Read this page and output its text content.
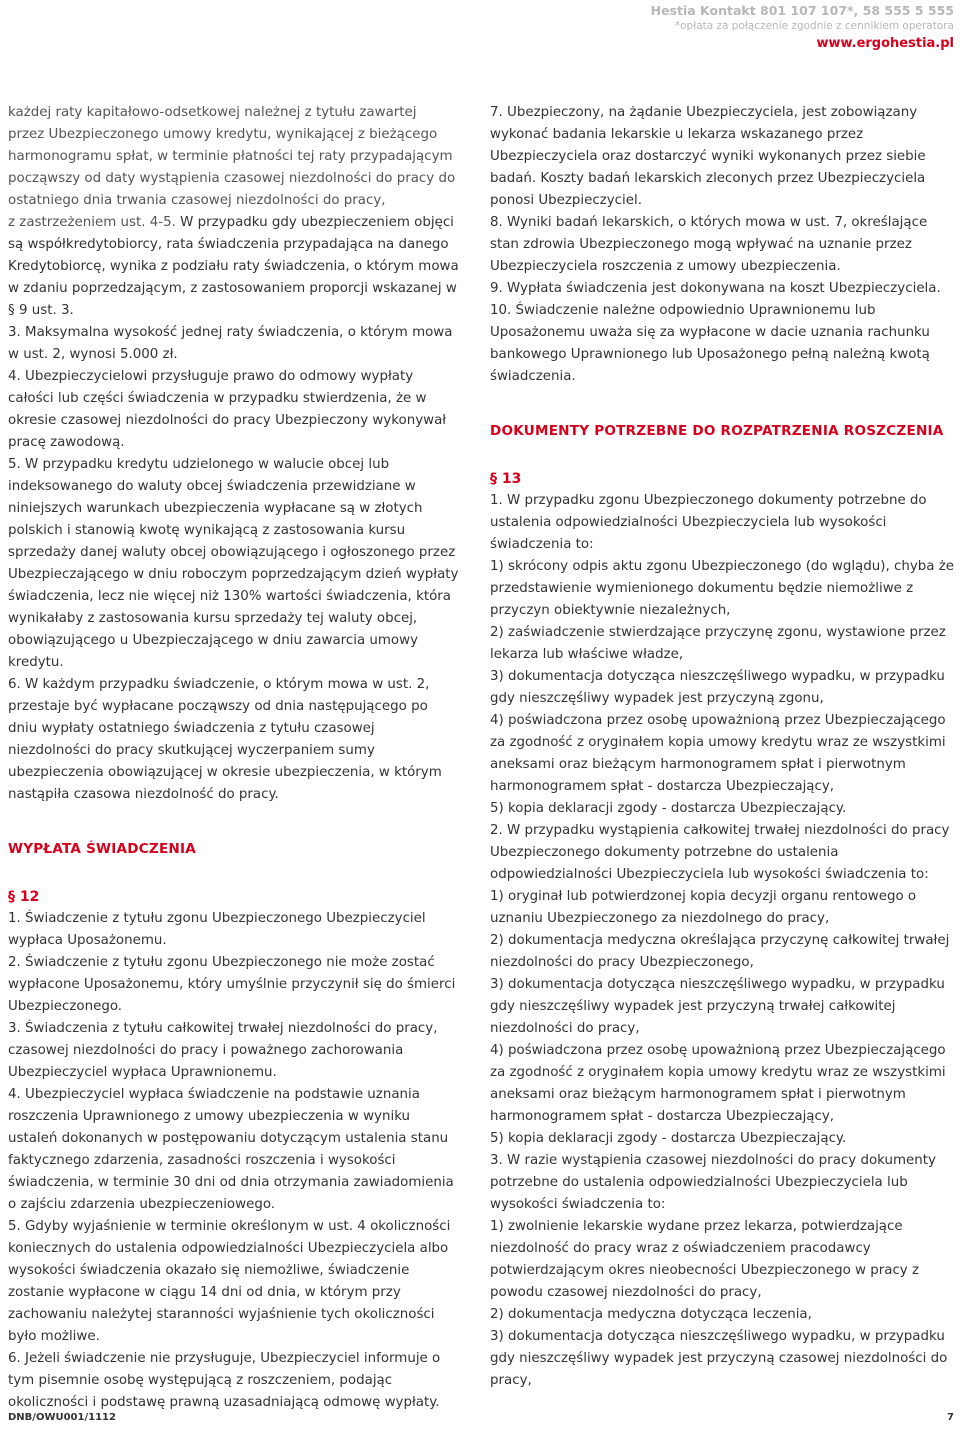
Hestia Kontakt 801 107 107*, 58 555 5 555
*opłata za połączenie zgodnie z cennikiem operatora
www.ergohestia.pl

każdej raty kapitałowo-odsetkowej należnej z tytułu zawartej

przez Ubezpieczonego umowy kredytu, wynikającej z bieżącego

harmonogramu spłat, w terminie płatności tej raty przypadającym

począwszy od daty wystąpienia czasowej niezdolności do pracy do

ostatniego dnia trwania czasowej niezdolności do pracy,

z zastrzeżeniem ust. 4-5. W przypadku gdy ubezpieczeniem objęci

są współkredytobiorcy, rata świadczenia przypadająca na danego Kredytobiorcę, wynika z podziału raty świadczenia, o którym mowa w zdaniu poprzedzającym, z zastosowaniem proporcji wskazanej w § 9 ust. 3.

3. Maksymalna wysokość jednej raty świadczenia, o którym mowa w ust. 2, wynosi 5.000 zł.

4. Ubezpieczycielowi przysługuje prawo do odmowy wypłaty całości lub części świadczenia w przypadku stwierdzenia, że w okresie czasowej niezdolności do pracy Ubezpieczony wykonywał pracę zawodową.

5. W przypadku kredytu udzielonego w walucie obcej lub indeksowanego do waluty obcej świadczenia przewidziane w niniejszych warunkach ubezpieczenia wypłacane są w złotych polskich i stanowią kwotę wynikającą z zastosowania kursu sprzedaży danej waluty obcej obowiązującego i ogłoszonego przez Ubezpieczającego w dniu roboczym poprzedzającym dzień wypłaty świadczenia, lecz nie więcej niż 130% wartości świadczenia, która wynikałaby z zastosowania kursu sprzedaży tej waluty obcej, obowiązującego u Ubezpieczającego w dniu zawarcia umowy kredytu.

6. W każdym przypadku świadczenie, o którym mowa w ust. 2, przestaje być wypłacane począwszy od dnia następującego po dniu wypłaty ostatniego świadczenia z tytułu czasowej niezdolności do pracy skutkującej wyczerpaniem sumy ubezpieczenia obowiązującej w okresie ubezpieczenia, w którym nastąpiła czasowa niezdolność do pracy.

WYPŁATA ŚWIADCZENIA

§ 12

1. Świadczenie z tytułu zgonu Ubezpieczonego Ubezpieczyciel wypłaca Uposażonemu.

2. Świadczenie z tytułu zgonu Ubezpieczonego nie może zostać wypłacone Uposażonemu, który umyślnie przyczynił się do śmierci Ubezpieczonego.

3. Świadczenia z tytułu całkowitej trwałej niezdolności do pracy, czasowej niezdolności do pracy i poważnego zachorowania Ubezpieczyciel wypłaca Uprawnionemu.

4. Ubezpieczyciel wypłaca świadczenie na podstawie uznania roszczenia Uprawnionego z umowy ubezpieczenia w wyniku ustaleń dokonanych w postępowaniu dotyczącym ustalenia stanu faktycznego zdarzenia, zasadności roszczenia i wysokości świadczenia, w terminie 30 dni od dnia otrzymania zawiadomienia o zajściu zdarzenia ubezpieczeniowego.

5. Gdyby wyjaśnienie w terminie określonym w ust. 4 okoliczności koniecznych do ustalenia odpowiedzialności Ubezpieczyciela albo wysokości świadczenia okazało się niemożliwe, świadczenie zostanie wypłacone w ciągu 14 dni od dnia, w którym przy zachowaniu należytej staranności wyjaśnienie tych okoliczności było możliwe.

6. Jeżeli świadczenie nie przysługuje, Ubezpieczyciel informuje o tym pisemnie osobę występującą z roszczeniem, podając okoliczności i podstawę prawną uzasadniającą odmowę wypłaty.

7. Ubezpieczony, na żądanie Ubezpieczyciela, jest zobowiązany wykonać badania lekarskie u lekarza wskazanego przez Ubezpieczyciela oraz dostarczyć wyniki wykonanych przez siebie badań. Koszty badań lekarskich zleconych przez Ubezpieczyciela ponosi Ubezpieczyciel.

8. Wyniki badań lekarskich, o których mowa w ust. 7, określające stan zdrowia Ubezpieczonego mogą wpływać na uznanie przez Ubezpieczyciela roszczenia z umowy ubezpieczenia.

9. Wypłata świadczenia jest dokonywana na koszt Ubezpieczyciela.

10. Świadczenie należne odpowiednio Uprawnionemu lub Uposażonemu uważa się za wypłacone w dacie uznania rachunku bankowego Uprawnionego lub Uposażonego pełną należną kwotą świadczenia.

DOKUMENTY POTRZEBNE DO ROZPATRZENIA ROSZCZENIA

§ 13

1. W przypadku zgonu Ubezpieczonego dokumenty potrzebne do ustalenia odpowiedzialności Ubezpieczyciela lub wysokości świadczenia to:

1) skrócony odpis aktu zgonu Ubezpieczonego (do wglądu), chyba że przedstawienie wymienionego dokumentu będzie niemożliwe z przyczyn obiektywnie niezależnych,

2) zaświadczenie stwierdzające przyczynę zgonu, wystawione przez lekarza lub właściwe władze,

3) dokumentacja dotycząca nieszczęśliwego wypadku, w przypadku gdy nieszczęśliwy wypadek jest przyczyną zgonu,

4) poświadczona przez osobę upoważnioną przez Ubezpieczającego za zgodność z oryginałem kopia umowy kredytu wraz ze wszystkimi aneksami oraz bieżącym harmonogramem spłat i pierwotnym harmonogramem spłat - dostarcza Ubezpieczający,

5) kopia deklaracji zgody - dostarcza Ubezpieczający.

2. W przypadku wystąpienia całkowitej trwałej niezdolności do pracy Ubezpieczonego dokumenty potrzebne do ustalenia odpowiedzialności Ubezpieczyciela lub wysokości świadczenia to:

1) oryginał lub potwierdzonej kopia decyzji organu rentowego o uznaniu Ubezpieczonego za niezdolnego do pracy,

2) dokumentacja medyczna określająca przyczynę całkowitej trwałej niezdolności do pracy Ubezpieczonego,

3) dokumentacja dotycząca nieszczęśliwego wypadku, w przypadku gdy nieszczęśliwy wypadek jest przyczyną trwałej całkowitej niezdolności do pracy,

4) poświadczona przez osobę upoważnioną przez Ubezpieczającego za zgodność z oryginałem kopia umowy kredytu wraz ze wszystkimi aneksami oraz bieżącym harmonogramem spłat i pierwotnym harmonogramem spłat - dostarcza Ubezpieczający,

5) kopia deklaracji zgody - dostarcza Ubezpieczający.

3. W razie wystąpienia czasowej niezdolności do pracy dokumenty potrzebne do ustalenia odpowiedzialności Ubezpieczyciela lub wysokości świadczenia to:

1) zwolnienie lekarskie wydane przez lekarza, potwierdzające niezdolność do pracy wraz z oświadczeniem pracodawcy potwierdzającym okres nieobecności Ubezpieczonego w pracy z powodu czasowej niezdolności do pracy,

2) dokumentacja medyczna dotycząca leczenia,

3) dokumentacja dotycząca nieszczęśliwego wypadku, w przypadku gdy nieszczęśliwy wypadek jest przyczyną czasowej niezdolności do pracy,

DNB/OWU001/1112	7
